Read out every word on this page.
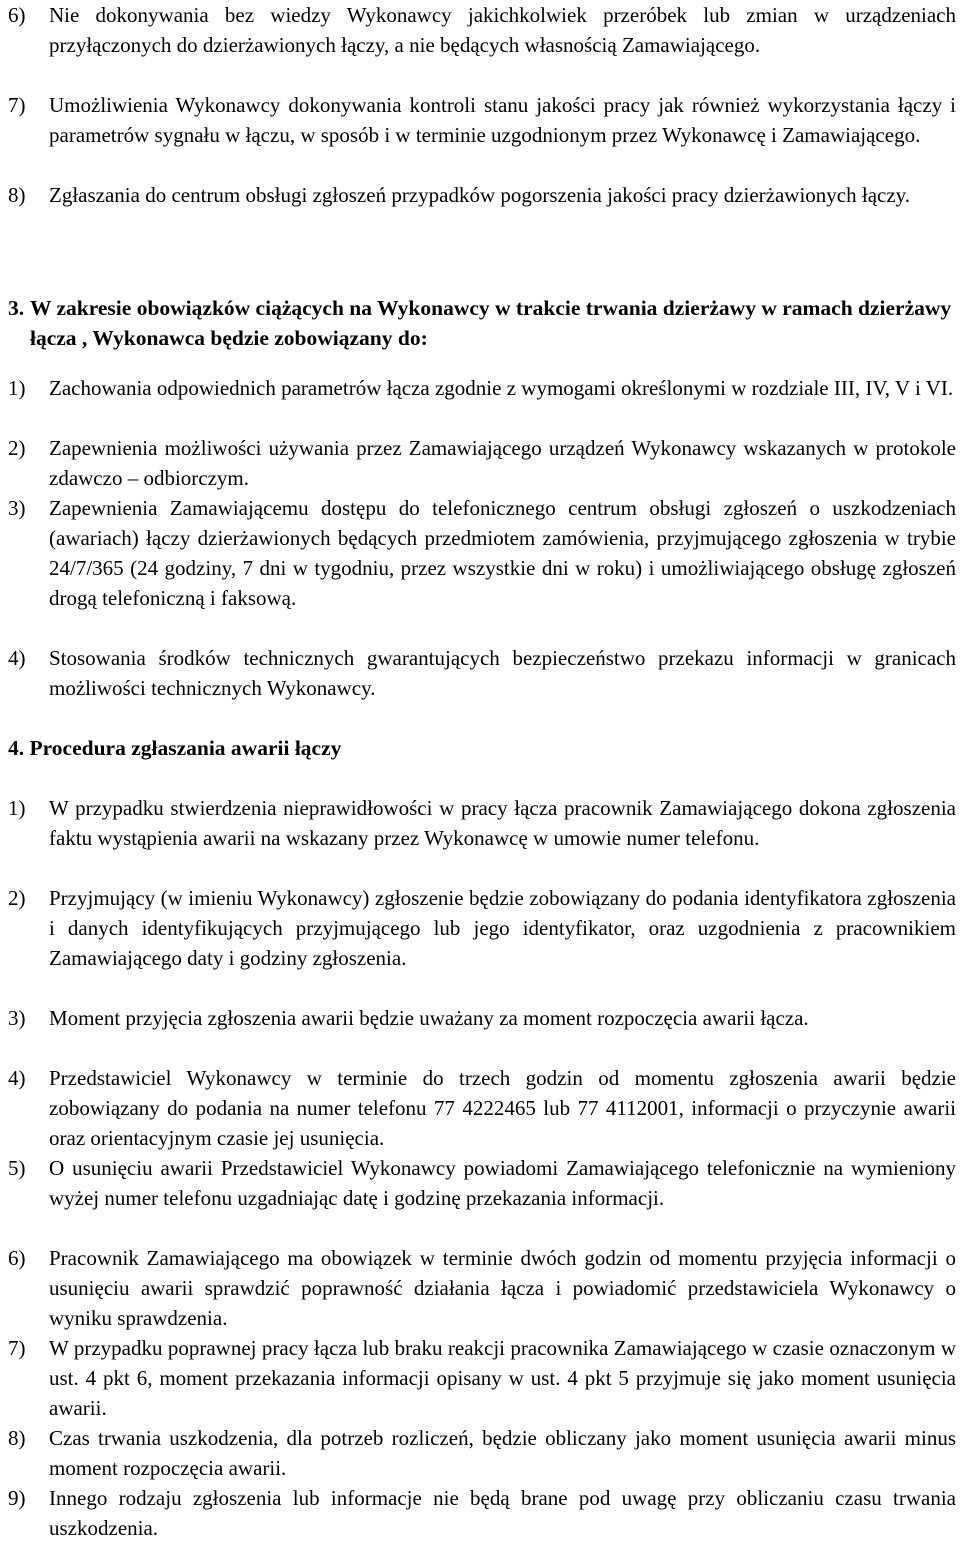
6) Nie dokonywania bez wiedzy Wykonawcy jakichkolwiek przeróbek lub zmian w urządzeniach przyłączonych do dzierżawionych łączy, a nie będących własnością Zamawiającego.
7) Umożliwienia Wykonawcy dokonywania kontroli stanu jakości pracy jak również wykorzystania łączy i parametrów sygnału w łączu, w sposób i w terminie uzgodnionym przez Wykonawcę i Zamawiającego.
8) Zgłaszania do centrum obsługi zgłoszeń przypadków pogorszenia jakości pracy dzierżawionych łączy.
3. W zakresie obowiązków ciążących na Wykonawcy w trakcie trwania dzierżawy w ramach dzierżawy łącza , Wykonawca będzie zobowiązany do:
1) Zachowania odpowiednich parametrów łącza zgodnie z wymogami określonymi w rozdziale III, IV, V i VI.
2) Zapewnienia możliwości używania przez Zamawiającego urządzeń Wykonawcy wskazanych w protokole zdawczo – odbiorczym.
3) Zapewnienia Zamawiającemu dostępu do telefonicznego centrum obsługi zgłoszeń o uszkodzeniach (awariach) łączy dzierżawionych będących przedmiotem zamówienia, przyjmującego zgłoszenia w trybie 24/7/365 (24 godziny, 7 dni w tygodniu, przez wszystkie dni w roku) i umożliwiającego obsługę zgłoszeń drogą telefoniczną i faksową.
4) Stosowania środków technicznych gwarantujących bezpieczeństwo przekazu informacji w granicach możliwości technicznych Wykonawcy.
4. Procedura zgłaszania awarii łączy
1) W przypadku stwierdzenia nieprawidłowości w pracy łącza pracownik Zamawiającego dokona zgłoszenia faktu wystąpienia awarii na wskazany przez Wykonawcę w umowie numer telefonu.
2) Przyjmujący (w imieniu Wykonawcy) zgłoszenie będzie zobowiązany do podania identyfikatora zgłoszenia i danych identyfikujących przyjmującego lub jego identyfikator, oraz uzgodnienia z pracownikiem Zamawiającego daty i godziny zgłoszenia.
3) Moment przyjęcia zgłoszenia awarii będzie uważany za moment rozpoczęcia awarii łącza.
4) Przedstawiciel Wykonawcy w terminie do trzech godzin od momentu zgłoszenia awarii będzie zobowiązany do podania na numer telefonu 77 4222465 lub 77 4112001, informacji o przyczynie awarii oraz orientacyjnym czasie jej usunięcia.
5) O usunięciu awarii Przedstawiciel Wykonawcy powiadomi Zamawiającego telefonicznie na wymieniony wyżej numer telefonu uzgadniając datę i godzinę przekazania informacji.
6) Pracownik Zamawiającego ma obowiązek w terminie dwóch godzin od momentu przyjęcia informacji o usunięciu awarii sprawdzić poprawność działania łącza i powiadomić przedstawiciela Wykonawcy o wyniku sprawdzenia.
7) W przypadku poprawnej pracy łącza lub braku reakcji pracownika Zamawiającego w czasie oznaczonym w ust. 4 pkt 6, moment przekazania informacji opisany w ust. 4 pkt 5 przyjmuje się jako moment usunięcia awarii.
8) Czas trwania uszkodzenia, dla potrzeb rozliczeń, będzie obliczany jako moment usunięcia awarii minus moment rozpoczęcia awarii.
9) Innego rodzaju zgłoszenia lub informacje nie będą brane pod uwagę przy obliczaniu czasu trwania uszkodzenia.
